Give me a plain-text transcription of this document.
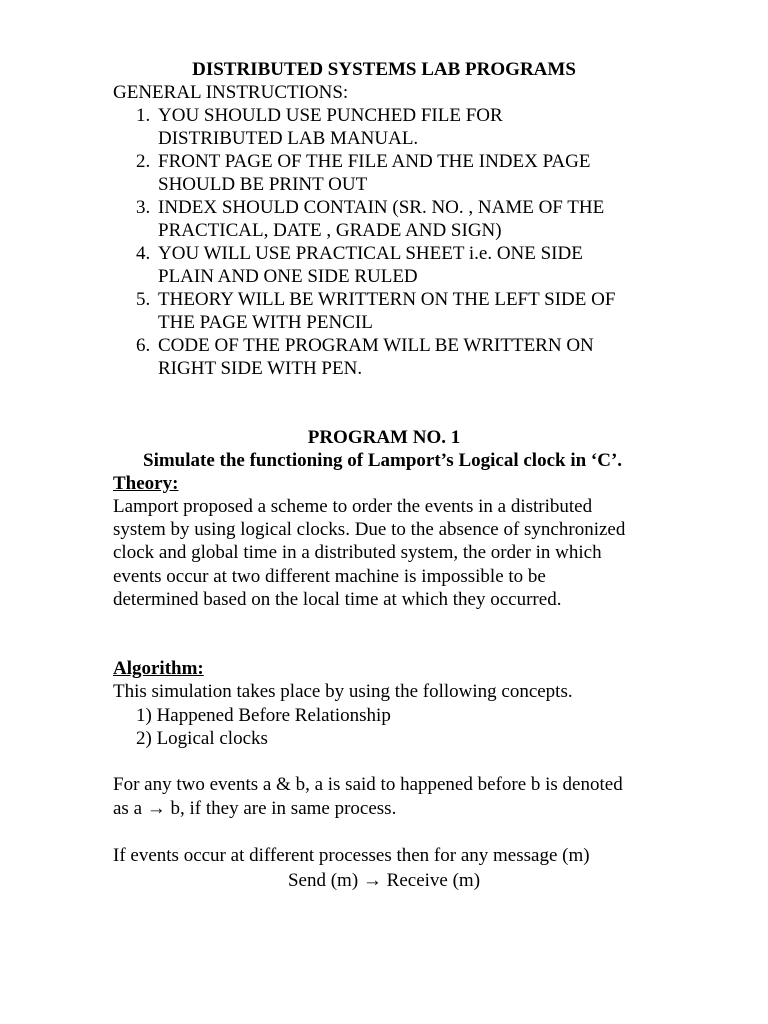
DISTRIBUTED SYSTEMS LAB PROGRAMS
GENERAL INSTRUCTIONS:
1. YOU SHOULD USE PUNCHED FILE FOR
DISTRIBUTED LAB MANUAL.
2. FRONT PAGE OF THE FILE AND THE INDEX PAGE
SHOULD BE PRINT OUT
3. INDEX SHOULD CONTAIN (SR. NO. , NAME OF THE
PRACTICAL, DATE , GRADE AND SIGN)
4. YOU WILL USE PRACTICAL SHEET i.e. ONE SIDE
PLAIN AND ONE SIDE RULED
5. THEORY WILL BE WRITTERN ON THE LEFT SIDE OF
THE PAGE WITH PENCIL
6. CODE OF THE PROGRAM WILL BE WRITTERN ON
RIGHT SIDE WITH PEN.
PROGRAM NO. 1
Simulate the functioning of Lamport’s Logical clock in ‘C’.
Theory:
Lamport proposed a scheme to order the events in a distributed
system by using logical clocks. Due to the absence of synchronized
clock and global time in a distributed system, the order in which
events occur at two different machine is impossible to be
determined based on the local time at which they occurred.
Algorithm:
This simulation takes place by using the following concepts.
1) Happened Before Relationship
2) Logical clocks
For any two events a & b, a is said to happened before b is denoted
as a → b, if they are in same process.
If events occur at different processes then for any message (m)
Send (m) → Receive (m)
